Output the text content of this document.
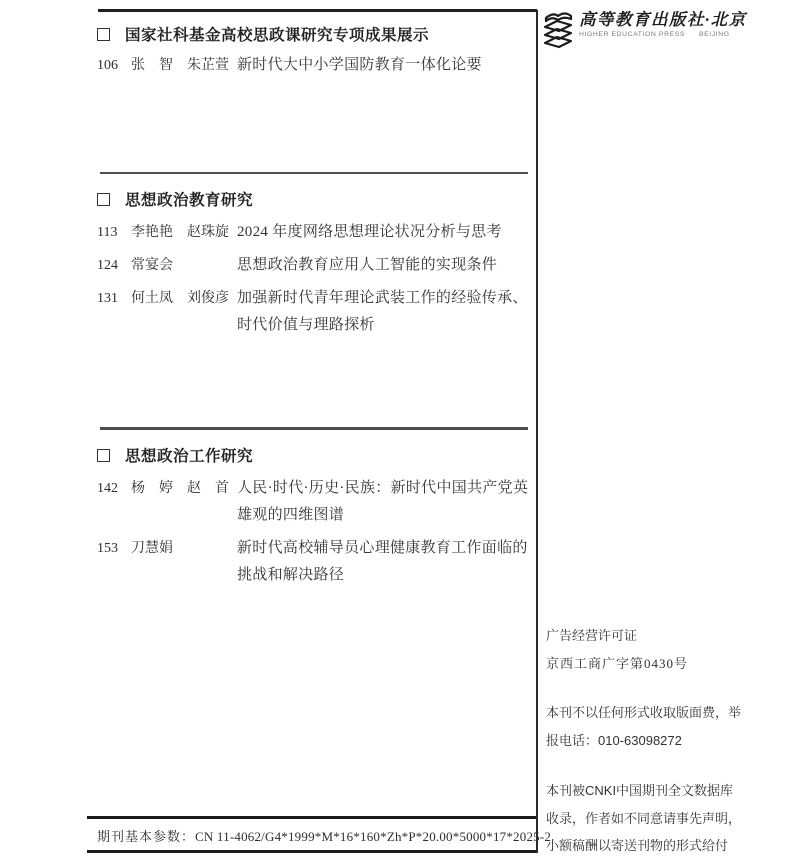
高等教育出版社·北京
HIGHER EDUCATION PRESS BEIJING
国家社科基金高校思政课研究专项成果展示
106 张　智　朱芷萱 新时代大中小学国防教育一体化论要
思想政治教育研究
113 李艳艳　赵珠旋 2024 年度网络思想理论状况分析与思考
124 常宴会	思想政治教育应用人工智能的实现条件
131 何土凤　刘俊彦 加强新时代青年理论武装工作的经验传承、时代价值与理路探析
思想政治工作研究
142 杨　婷　赵　首 人民·时代·历史·民族：新时代中国共产党英雄观的四维图谱
153 刀慧娟	新时代高校辅导员心理健康教育工作面临的挑战和解决路径
期刊基本参数：CN 11-4062/G4*1999*M*16*160*Zh*P*20.00*5000*17*2025-2
广告经营许可证
京西工商广字第0430号
本刊不以任何形式收取版面费，举
报电话：010-63098272
本刊被CNKI中国期刊全文数据库
收录，作者如不同意请事先声明，
小额稿酬以寄送刊物的形式给付
